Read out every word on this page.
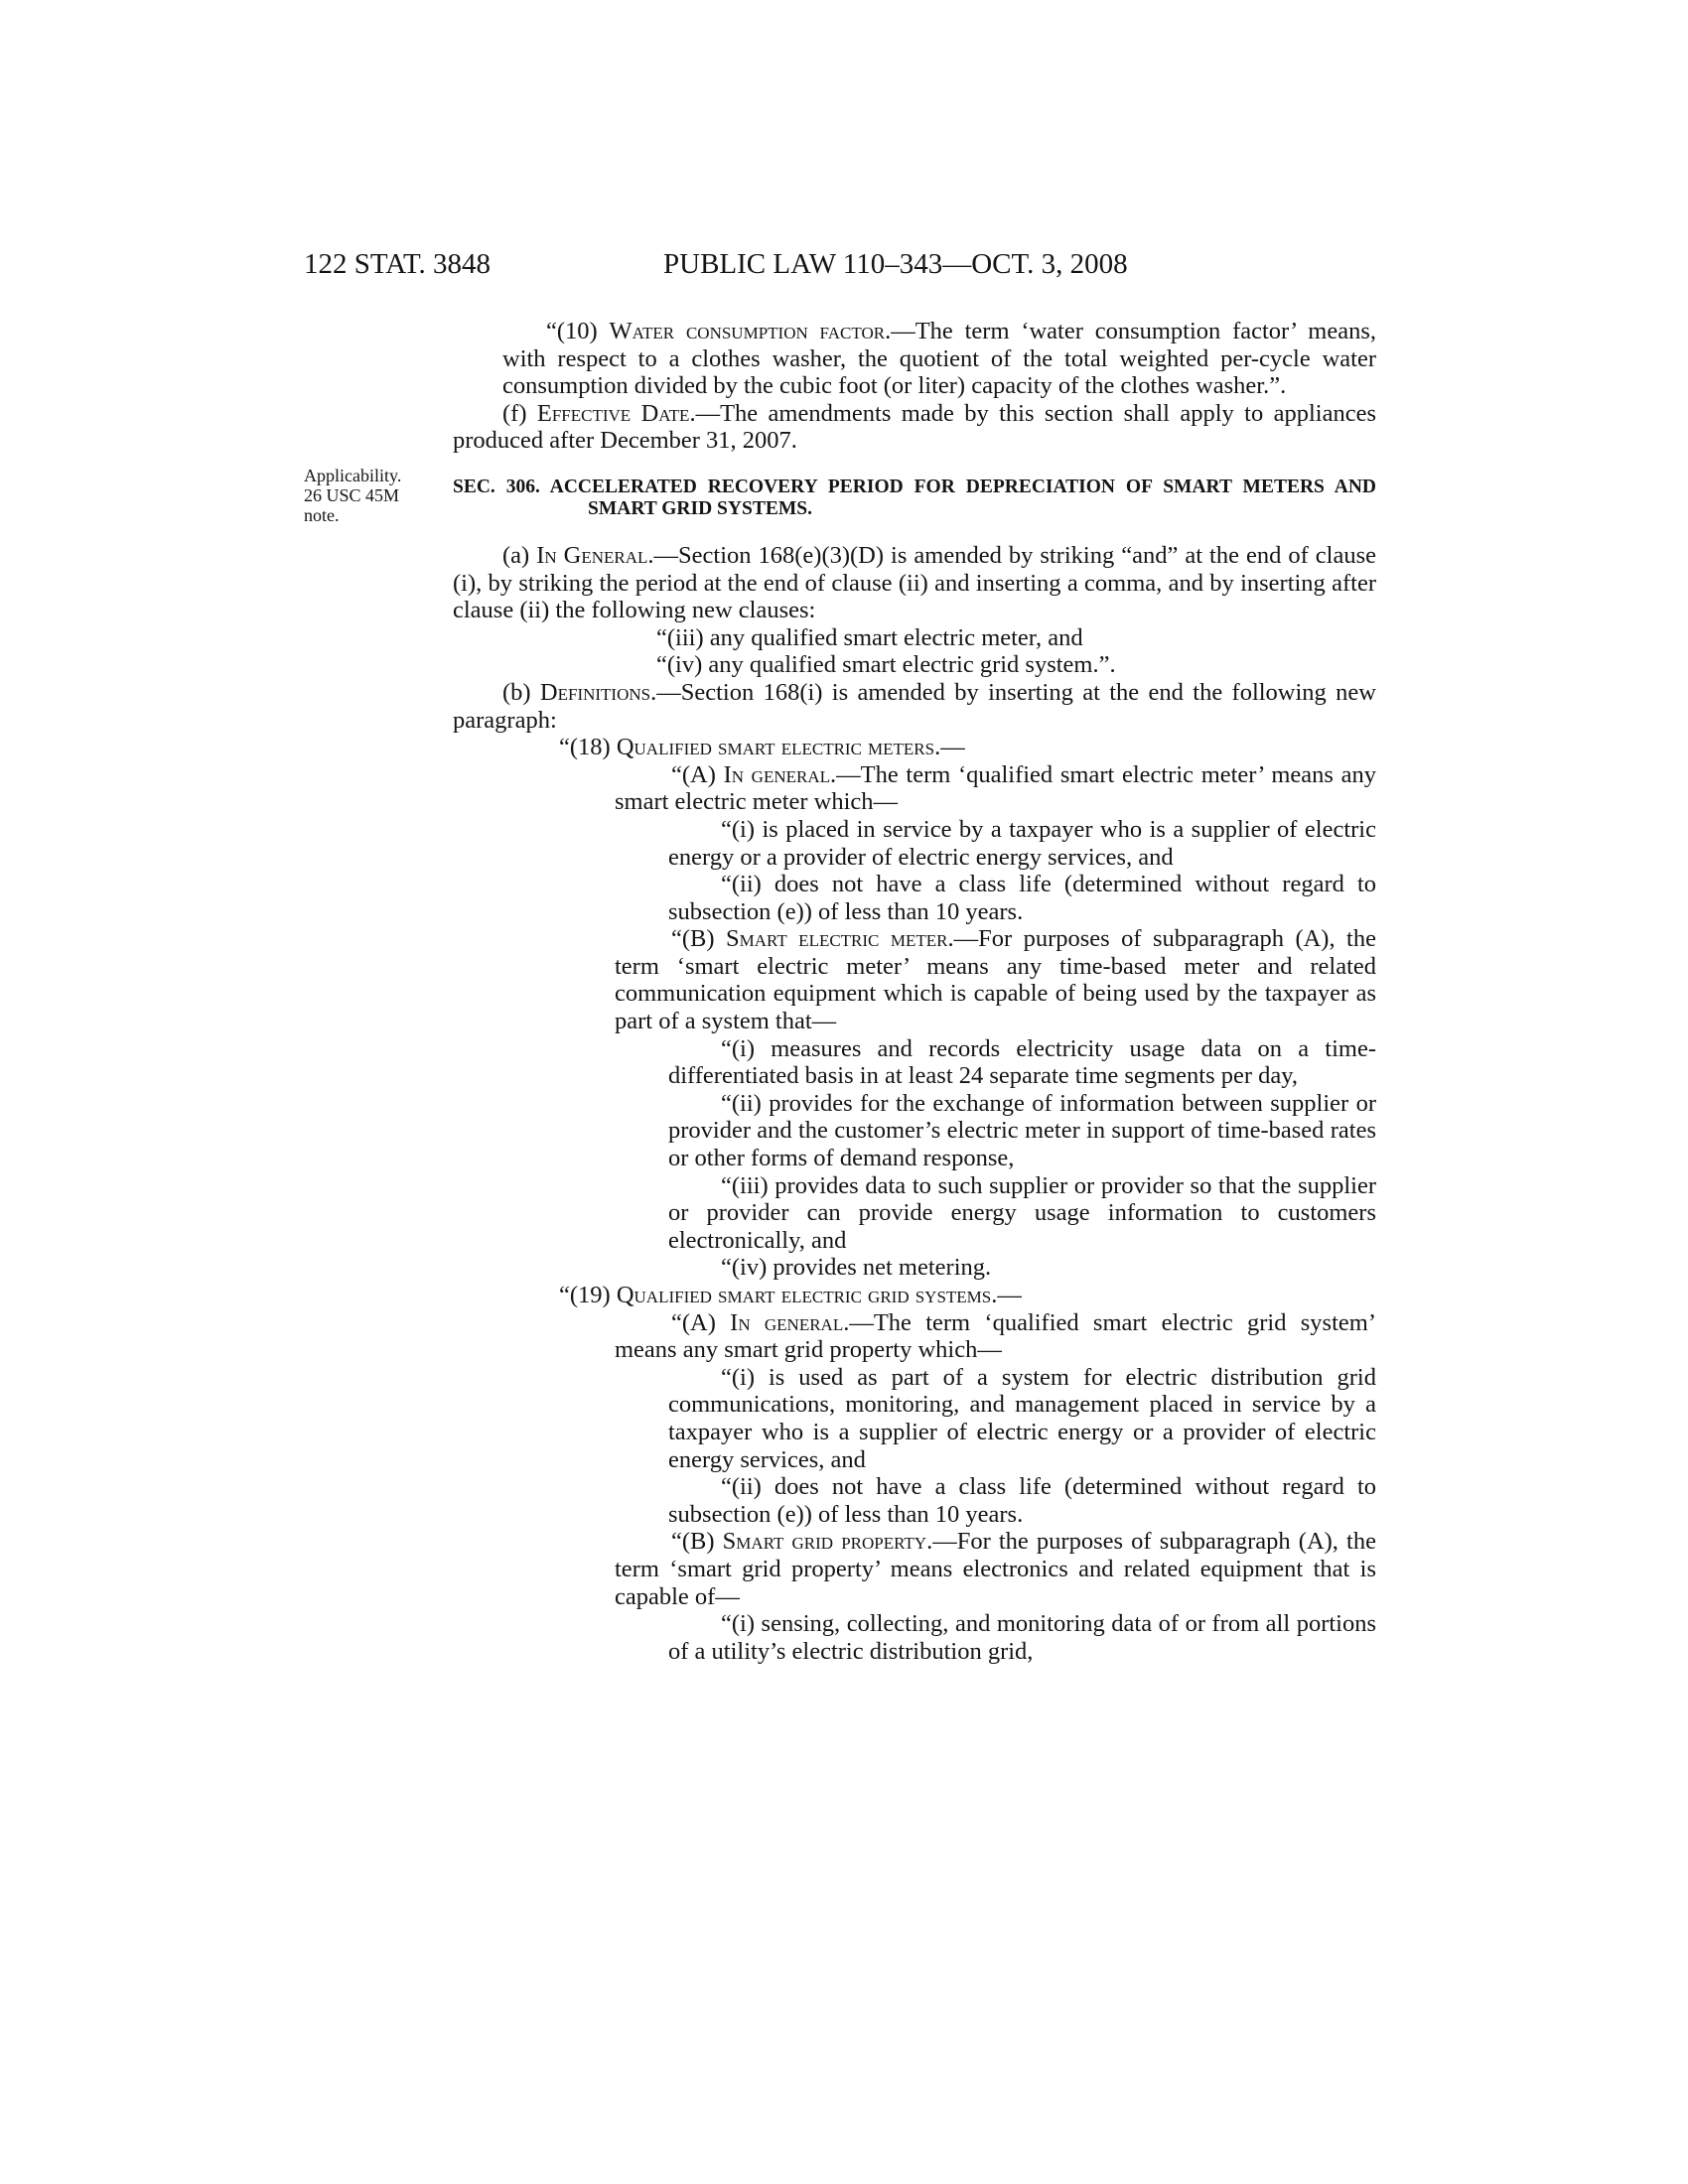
122 STAT. 3848	PUBLIC LAW 110–343—OCT. 3, 2008
Applicability.
26 USC 45M
note.

“(10) Water consumption factor.—The term ‘water consumption factor’ means, with respect to a clothes washer, the quotient of the total weighted per-cycle water consumption divided by the cubic foot (or liter) capacity of the clothes washer.”.

(f) Effective Date.—The amendments made by this section shall apply to appliances produced after December 31, 2007.

SEC. 306. ACCELERATED RECOVERY PERIOD FOR DEPRECIATION OF SMART METERS AND SMART GRID SYSTEMS.

(a) In General.—Section 168(e)(3)(D) is amended by striking “and” at the end of clause (i), by striking the period at the end of clause (ii) and inserting a comma, and by inserting after clause (ii) the following new clauses:

“(iii) any qualified smart electric meter, and

“(iv) any qualified smart electric grid system.”.

(b) Definitions.—Section 168(i) is amended by inserting at the end the following new paragraph:

“(18) Qualified smart electric meters.—

“(A) In general.—The term ‘qualified smart electric meter’ means any smart electric meter which—

“(i) is placed in service by a taxpayer who is a supplier of electric energy or a provider of electric energy services, and

“(ii) does not have a class life (determined without regard to subsection (e)) of less than 10 years.

“(B) Smart electric meter.—For purposes of subparagraph (A), the term ‘smart electric meter’ means any time-based meter and related communication equipment which is capable of being used by the taxpayer as part of a system that—

“(i) measures and records electricity usage data on a time-differentiated basis in at least 24 separate time segments per day,

“(ii) provides for the exchange of information between supplier or provider and the customer’s electric meter in support of time-based rates or other forms of demand response,

“(iii) provides data to such supplier or provider so that the supplier or provider can provide energy usage information to customers electronically, and

“(iv) provides net metering.

“(19) Qualified smart electric grid systems.—

“(A) In general.—The term ‘qualified smart electric grid system’ means any smart grid property which—

“(i) is used as part of a system for electric distribution grid communications, monitoring, and management placed in service by a taxpayer who is a supplier of electric energy or a provider of electric energy services, and

“(ii) does not have a class life (determined without regard to subsection (e)) of less than 10 years.

“(B) Smart grid property.—For the purposes of subparagraph (A), the term ‘smart grid property’ means electronics and related equipment that is capable of—

“(i) sensing, collecting, and monitoring data of or from all portions of a utility’s electric distribution grid,
